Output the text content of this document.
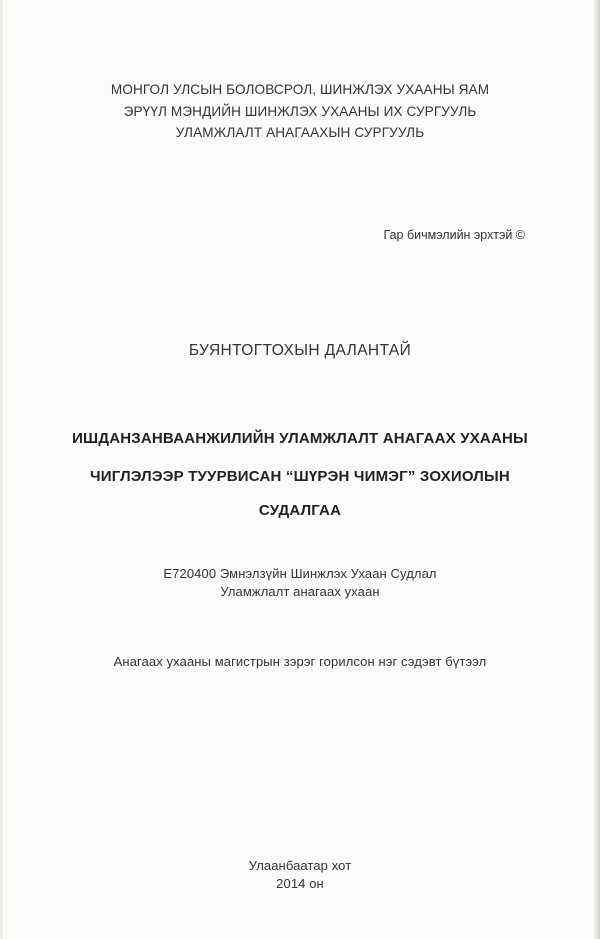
МОНГОЛ УЛСЫН БОЛОВСРОЛ, ШИНЖЛЭХ УХААНЫ ЯАМ
ЭРҮҮЛ МЭНДИЙН ШИНЖЛЭХ УХААНЫ ИХ СУРГУУЛЬ
УЛАМЖЛАЛТ АНАГААХЫН СУРГУУЛЬ
Гар бичмэлийн эрхтэй ©
БУЯНТОГТОХЫН ДАЛАНТАЙ
ИШДАНЗАНВААНЖИЛИЙН УЛАМЖЛАЛТ АНАГААХ УХААНЫ
ЧИГЛЭЛЭЭР ТУУРВИСАН “ШҮРЭН ЧИМЭГ” ЗОХИОЛЫН
СУДАЛГАА
Е720400 Эмнэлзүйн Шинжлэх Ухаан Судлал
Уламжлалт анагаах ухаан
Анагаах ухааны магистрын зэрэг горилсон нэг сэдэвт бүтээл
Улаанбаатар хот
2014 он
